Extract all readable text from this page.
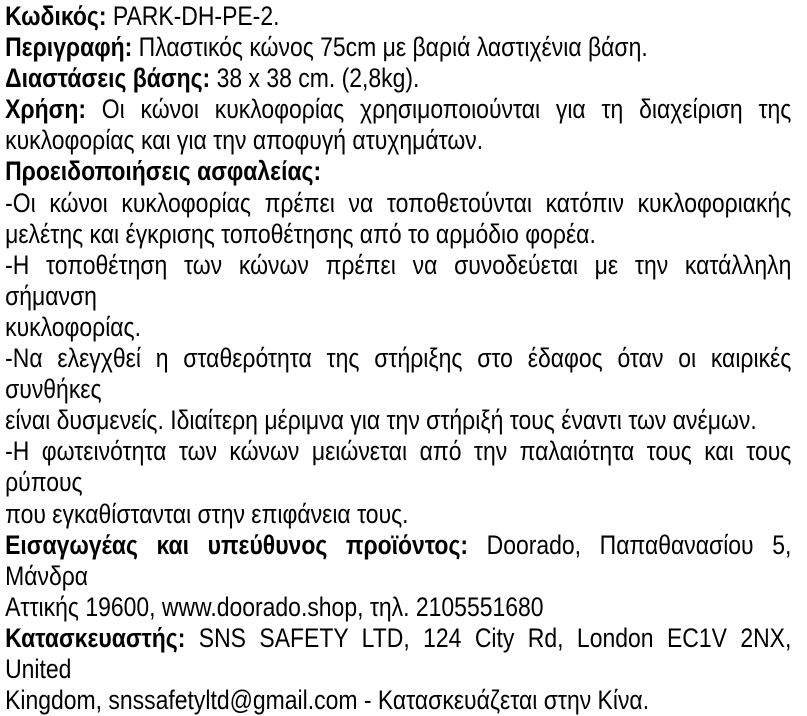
Κωδικός: PARK-DH-PE-2.
Περιγραφή: Πλαστικός κώνος 75cm με βαριά λαστιχένια βάση.
Διαστάσεις βάσης: 38 x 38 cm. (2,8kg).
Χρήση: Οι κώνοι κυκλοφορίας χρησιμοποιούνται για τη διαχείριση της
κυκλοφορίας και για την αποφυγή ατυχημάτων.
Προειδοποιήσεις ασφαλείας:
-Οι κώνοι κυκλοφορίας πρέπει να τοποθετούνται κατόπιν κυκλοφοριακής
μελέτης και έγκρισης τοποθέτησης από το αρμόδιο φορέα.
-Η τοποθέτηση των κώνων πρέπει να συνοδεύεται με την κατάλληλη σήμανση
κυκλοφορίας.
-Να ελεγχθεί η σταθερότητα της στήριξης στο έδαφος όταν οι καιρικές συνθήκες
είναι δυσμενείς. Ιδιαίτερη μέριμνα για την στήριξή τους έναντι των ανέμων.
-Η φωτεινότητα των κώνων μειώνεται από την παλαιότητα τους και τους ρύπους
που εγκαθίστανται στην επιφάνεια τους.
Εισαγωγέας και υπεύθυνος προϊόντος: Doorado, Παπαθανασίου 5, Μάνδρα
Αττικής 19600, www.doorado.shop, τηλ. 2105551680
Κατασκευαστής: SNS SAFETY LTD, 124 City Rd, London EC1V 2NX, United
Kingdom, snssafetyltd@gmail.com - Κατασκευάζεται στην Κίνα.
